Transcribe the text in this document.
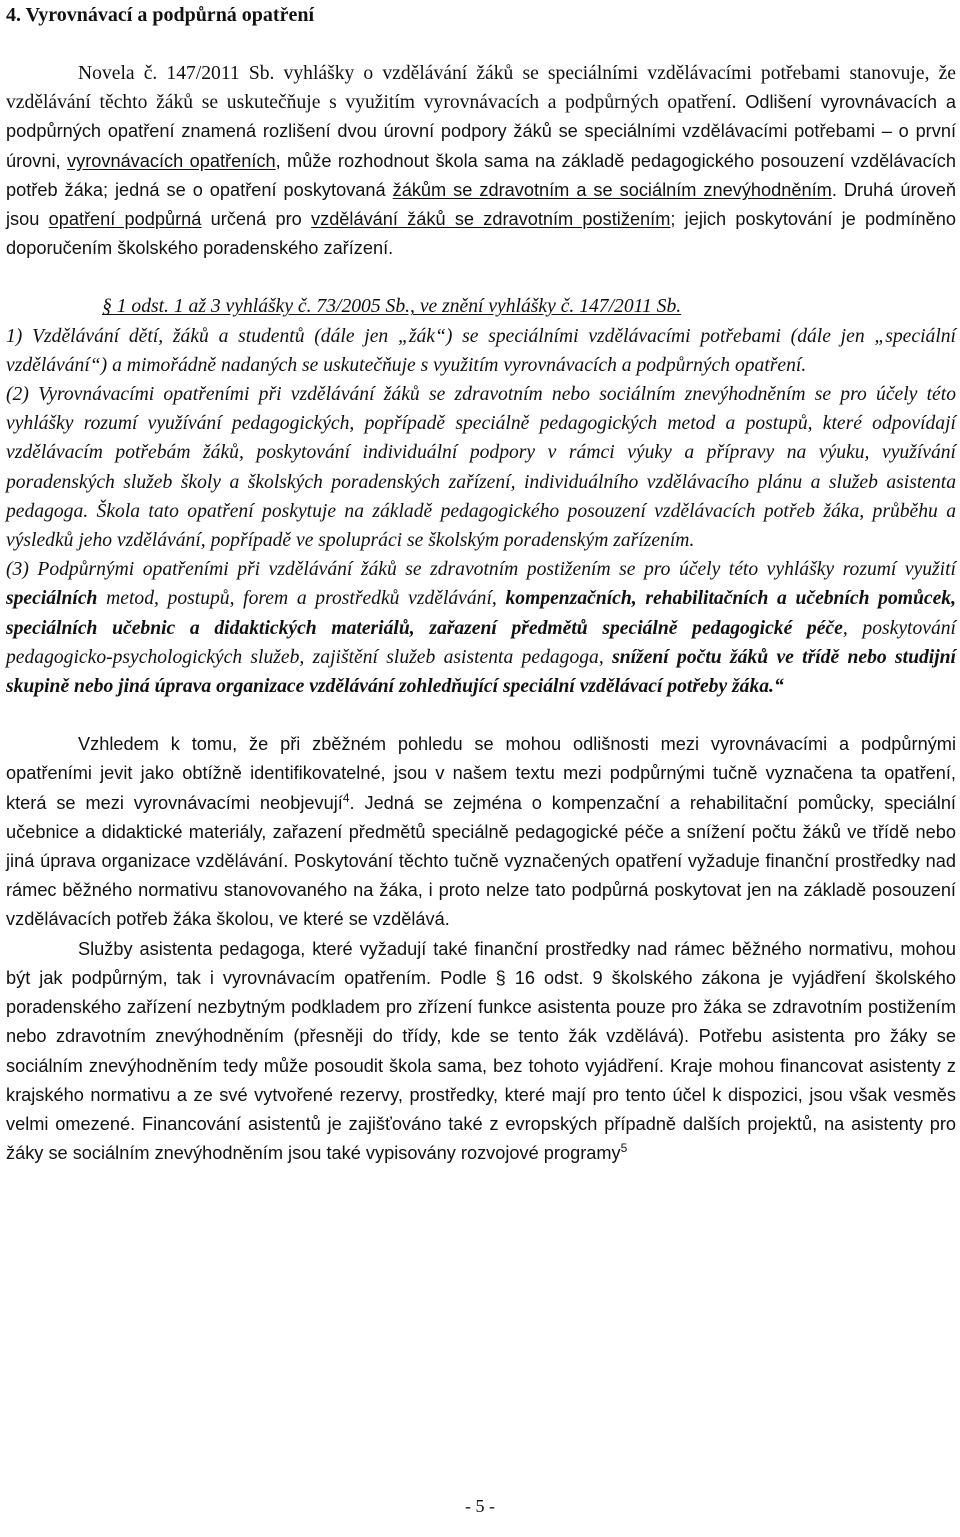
4. Vyrovnávací a podpůrná opatření

Novela č. 147/2011 Sb. vyhlášky o vzdělávání žáků se speciálními vzdělávacími potřebami stanovuje, že vzdělávání těchto žáků se uskutečňuje s využitím vyrovnávacích a podpůrných opatření. Odlišení vyrovnávacích a podpůrných opatření znamená rozlišení dvou úrovní podpory žáků se speciálními vzdělávacími potřebami – o první úrovni, vyrovnávacích opatřeních, může rozhodnout škola sama na základě pedagogického posouzení vzdělávacích potřeb žáka; jedná se o opatření poskytovaná žákům se zdravotním a se sociálním znevýhodněním. Druhá úroveň jsou opatření podpůrná určená pro vzdělávání žáků se zdravotním postižením; jejich poskytování je podmíněno doporučením školského poradenského zařízení.

§ 1 odst. 1 až 3 vyhlášky č. 73/2005 Sb., ve znění vyhlášky č. 147/2011 Sb.

1) Vzdělávání dětí, žáků a studentů (dále jen „žák“) se speciálními vzdělávacími potřebami (dále jen „speciální vzdělávání“) a mimořádně nadaných se uskutečňuje s využitím vyrovnávacích a podpůrných opatření.

(2) Vyrovnávacími opatřeními při vzdělávání žáků se zdravotním nebo sociálním znevýhodněním se pro účely této vyhlášky rozumí využívání pedagogických, popřípadě speciálně pedagogických metod a postupů, které odpovídají vzdělávacím potřebám žáků, poskytování individuální podpory v rámci výuky a přípravy na výuku, využívání poradenských služeb školy a školských poradenských zařízení, individuálního vzdělávacího plánu a služeb asistenta pedagoga. Škola tato opatření poskytuje na základě pedagogického posouzení vzdělávacích potřeb žáka, průběhu a výsledků jeho vzdělávání, popřípadě ve spolupráci se školským poradenským zařízením.

(3) Podpůrnými opatřeními při vzdělávání žáků se zdravotním postižením se pro účely této vyhlášky rozumí využití speciálních metod, postupů, forem a prostředků vzdělávání, kompenzačních, rehabilitačních a učebních pomůcek, speciálních učebnic a didaktických materiálů, zařazení předmětů speciálně pedagogické péče, poskytování pedagogicko-psychologických služeb, zajištění služeb asistenta pedagoga, snížení počtu žáků ve třídě nebo studijní skupině nebo jiná úprava organizace vzdělávání zohledňující speciální vzdělávací potřeby žáka.“

Vzhledem k tomu, že při zběžném pohledu se mohou odlišnosti mezi vyrovnávacími a podpůrnými opatřeními jevit jako obtížně identifikovatelné, jsou v našem textu mezi podpůrnými tučně vyznačena ta opatření, která se mezi vyrovnávacími neobjevují$^4$. Jedná se zejména o kompenzační a rehabilitační pomůcky, speciální učebnice a didaktické materiály, zařazení předmětů speciálně pedagogické péče a snížení počtu žáků ve třídě nebo jiná úprava organizace vzdělávání. Poskytování těchto tučně vyznačených opatření vyžaduje finanční prostředky nad rámec běžného normativu stanovovaného na žáka, i proto nelze tato podpůrná poskytovat jen na základě posouzení vzdělávacích potřeb žáka školou, ve které se vzdělává.

Služby asistenta pedagoga, které vyžadují také finanční prostředky nad rámec běžného normativu, mohou být jak podpůrným, tak i vyrovnávacím opatřením. Podle § 16 odst. 9 školského zákona je vyjádření školského poradenského zařízení nezbytným podkladem pro zřízení funkce asistenta pouze pro žáka se zdravotním postižením nebo zdravotním znevýhodněním (přesněji do třídy, kde se tento žák vzdělává). Potřebu asistenta pro žáky se sociálním znevýhodněním tedy může posoudit škola sama, bez tohoto vyjádření. Kraje mohou financovat asistenty z krajského normativu a ze své vytvořené rezervy, prostředky, které mají pro tento účel k dispozici, jsou však vesměs velmi omezené. Financování asistentů je zajišťováno také z evropských případně dalších projektů, na asistenty pro žáky se sociálním znevýhodněním jsou také vypisovány rozvojové programy$^5$

- 5 -
